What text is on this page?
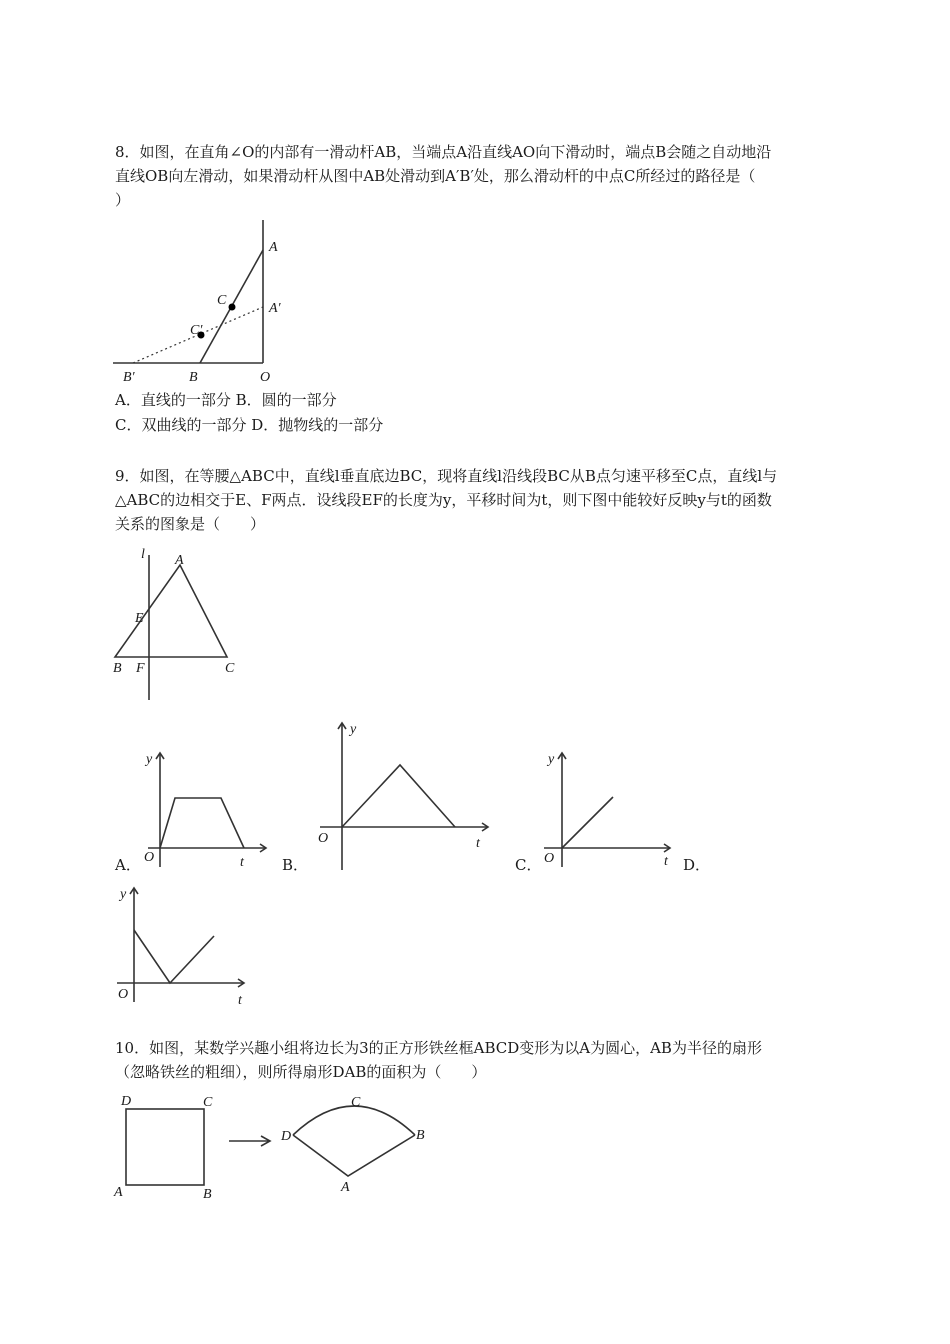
8．如图，在直角∠O的内部有一滑动杆AB，当端点A沿直线AO向下滑动时，端点B会随之自动地沿
直线OB向左滑动，如果滑动杆从图中AB处滑动到A′B′处，那么滑动杆的中点C所经过的路径是（
）
A
A′
C
C′
B′	B	O
A．直线的一部分 B．圆的一部分
C．双曲线的一部分 D．抛物线的一部分
9．如图，在等腰△ABC中，直线l垂直底边BC，现将直线l沿线段BC从B点匀速平移至C点，直线l与
△ABC的边相交于E、F两点．设线段EF的长度为y，平移时间为t，则下图中能较好反映y与t的函数
关系的图象是（　　）
l A
E
B F	C
A．
y
O	t	B．
y
O	t
C．
y
O	t D．
y
O	t
10．如图，某数学兴趣小组将边长为3的正方形铁丝框ABCD变形为以A为圆心，AB为半径的扇形
（忽略铁丝的粗细），则所得扇形DAB的面积为（　　）
D	C
A	B
D
C
A
B
